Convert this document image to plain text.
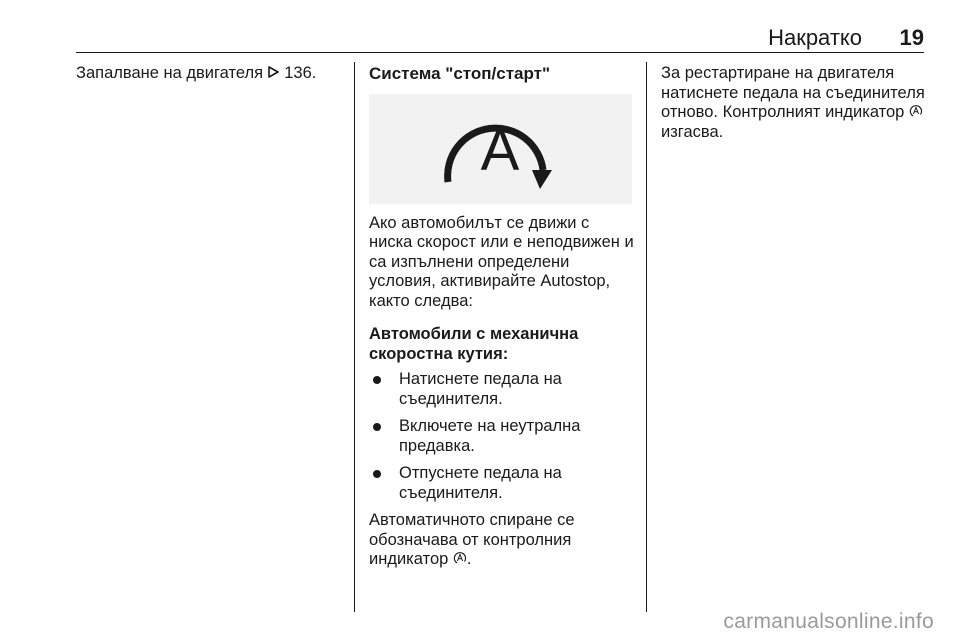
Накратко 19

Запалване на двигателя 136.	Система "стоп/старт"
A

Ако автомобилът се движи с ниска скорост или е неподвижен и са изпълнени определени условия, активирайте Autostop, както следва:

Автомобили с механична скоростна кутия:
Натиснете педала на съединителя.
Включете на неутрална предавка.
Отпуснете педала на съединителя.

Автоматичното спиране се обозначава от контролния индикатор .

За рестартиране на двигателя натиснете педала на съединителя отново. Контролният индикатор  изгасва.

carmanualsonline.info
